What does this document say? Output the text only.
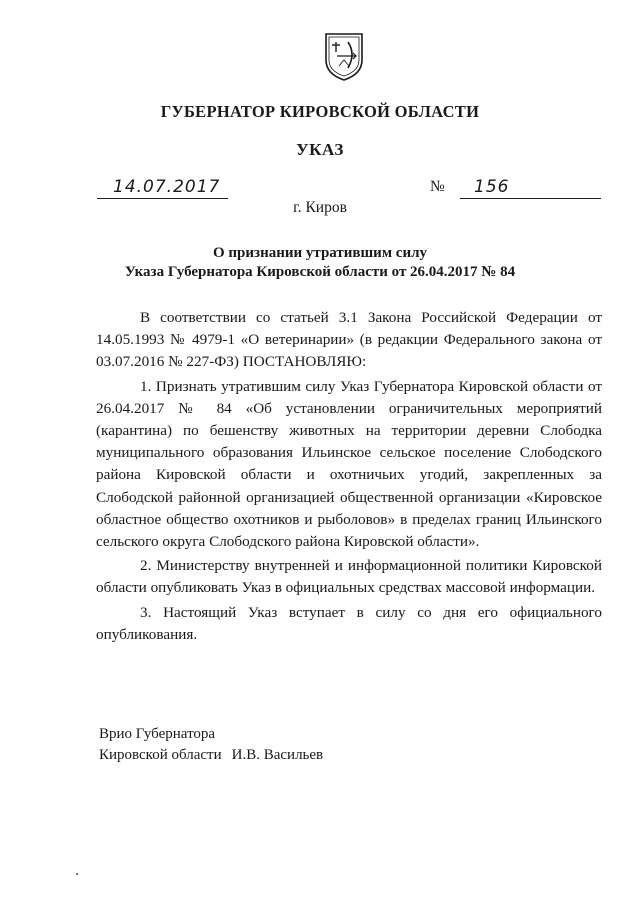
ГУБЕРНАТОР КИРОВСКОЙ ОБЛАСТИ
УКАЗ
14.07.2017	№ 156
г. Киров
О признании утратившим силу
Указа Губернатора Кировской области от 26.04.2017 № 84

В соответствии со статьей 3.1 Закона Российской Федерации от 14.05.1993 № 4979-1 «О ветеринарии» (в редакции Федерального закона от 03.07.2016 № 227-ФЗ) ПОСТАНОВЛЯЮ:

1. Признать утратившим силу Указ Губернатора Кировской области от 26.04.2017 № 84 «Об установлении ограничительных мероприятий (карантина) по бешенству животных на территории деревни Слободка муниципального образования Ильинское сельское поселение Слободского района Кировской области и охотничьих угодий, закрепленных за Слободской районной организацией общественной организации «Кировское областное общество охотников и рыболовов» в пределах границ Ильинского сельского округа Слободского района Кировской области».

2. Министерству внутренней и информационной политики Кировской области опубликовать Указ в официальных средствах массовой информации.

3. Настоящий Указ вступает в силу со дня его официального опубликования.

Врио Губернатора
Кировской области И.В. Васильев
